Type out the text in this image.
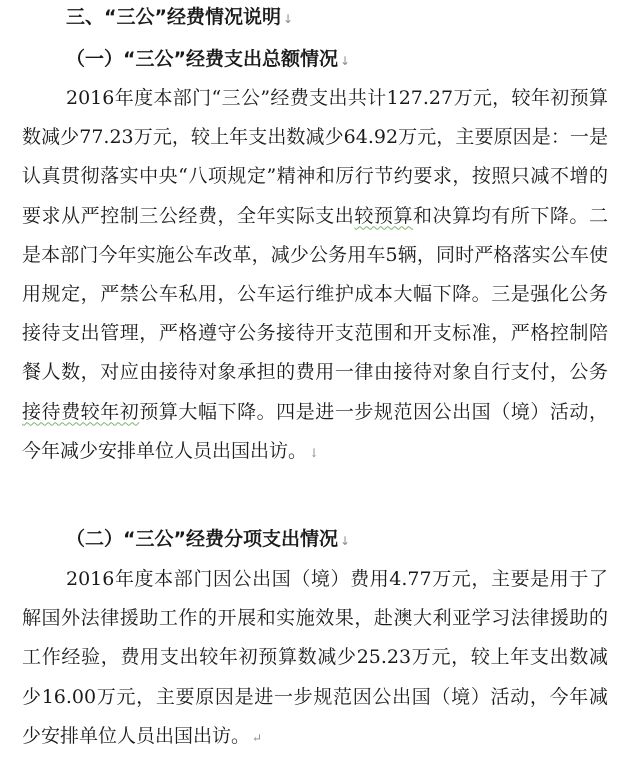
三、“三公”经费情况说明 ↓
（一）“三公”经费支出总额情况 ↓

2016年度本部门“三公”经费支出共计127.27万元，较年初预算数减少77.23万元，较上年支出数减少64.92万元，主要原因是：一是认真贯彻落实中央“八项规定”精神和厉行节约要求，按照只减不增的要求从严控制三公经费，全年实际支出较预算和决算均有所下降。二是本部门今年实施公车改革，减少公务用车5辆，同时严格落实公车使用规定，严禁公车私用，公车运行维护成本大幅下降。三是强化公务接待支出管理，严格遵守公务接待开支范围和开支标准，严格控制陪餐人数，对应由接待对象承担的费用一律由接待对象自行支付，公务接待费较年初预算大幅下降。四是进一步规范因公出国（境）活动，今年减少安排单位人员出国出访。 ↓

（二）“三公”经费分项支出情况 ↓

2016年度本部门因公出国（境）费用4.77万元，主要是用于了解国外法律援助工作的开展和实施效果，赴澳大利亚学习法律援助的工作经验，费用支出较年初预算数减少25.23万元，较上年支出数减少16.00万元，主要原因是进一步规范因公出国（境）活动，今年减少安排单位人员出国出访。 ↵
